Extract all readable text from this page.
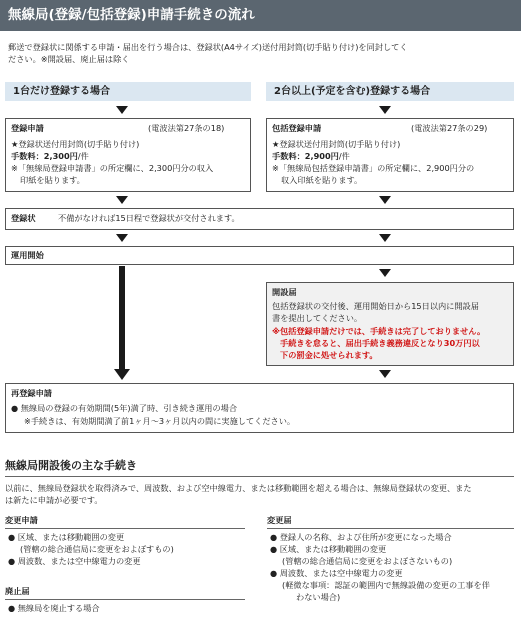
無線局(登録/包括登録)申請手続きの流れ
郵送で登録状に関係する申請・届出を行う場合は、登録状(A4サイズ)送付用封筒(切手貼り付け)を同封してく
ださい。※開設届、廃止届は除く
1台だけ登録する場合	2台以上(予定を含む)登録する場合
登録申請	(電波法第27条の18)
★登録状送付用封筒(切手貼り付け)
手数料：2,300円/件
※「無線局登録申請書」の所定欄に、2,300円分の収入
印紙を貼ります。
包括登録申請	(電波法第27条の29)
★登録状送付用封筒(切手貼り付け)
手数料：2,900円/件
※「無線局包括登録申請書」の所定欄に、2,900円分の
収入印紙を貼ります。
登録状	不備がなければ15日程で登録状が交付されます。
運用開始
開設届
包括登録状の交付後、運用開始日から15日以内に開設届
書を提出してください。
※包括登録申請だけでは、手続きは完了しておりません。
手続きを怠ると、届出手続き義務違反となり30万円以
下の罰金に処せられます。
再登録申請
● 無線局の登録の有効期間(5年)満了時、引き続き運用の場合
※手続きは、有効期間満了前1ヶ月〜3ヶ月以内の間に実施してください。
無線局開設後の主な手続き
以前に、無線局登録状を取得済みで、周波数、および空中線電力、または移動範囲を超える場合は、無線局登録状の変更、また
は新たに申請が必要です。
変更申請
● 区域、または移動範囲の変更
(管轄の総合通信局に変更をおよぼすもの)
● 周波数、または空中線電力の変更
廃止届
● 無線局を廃止する場合
変更届
● 登録人の名称、および住所が変更になった場合
● 区域、または移動範囲の変更
(管轄の総合通信局に変更をおよぼさないもの)
● 周波数、または空中線電力の変更
(軽微な事項：認証の範囲内で無線設備の変更の工事を伴
わない場合)
